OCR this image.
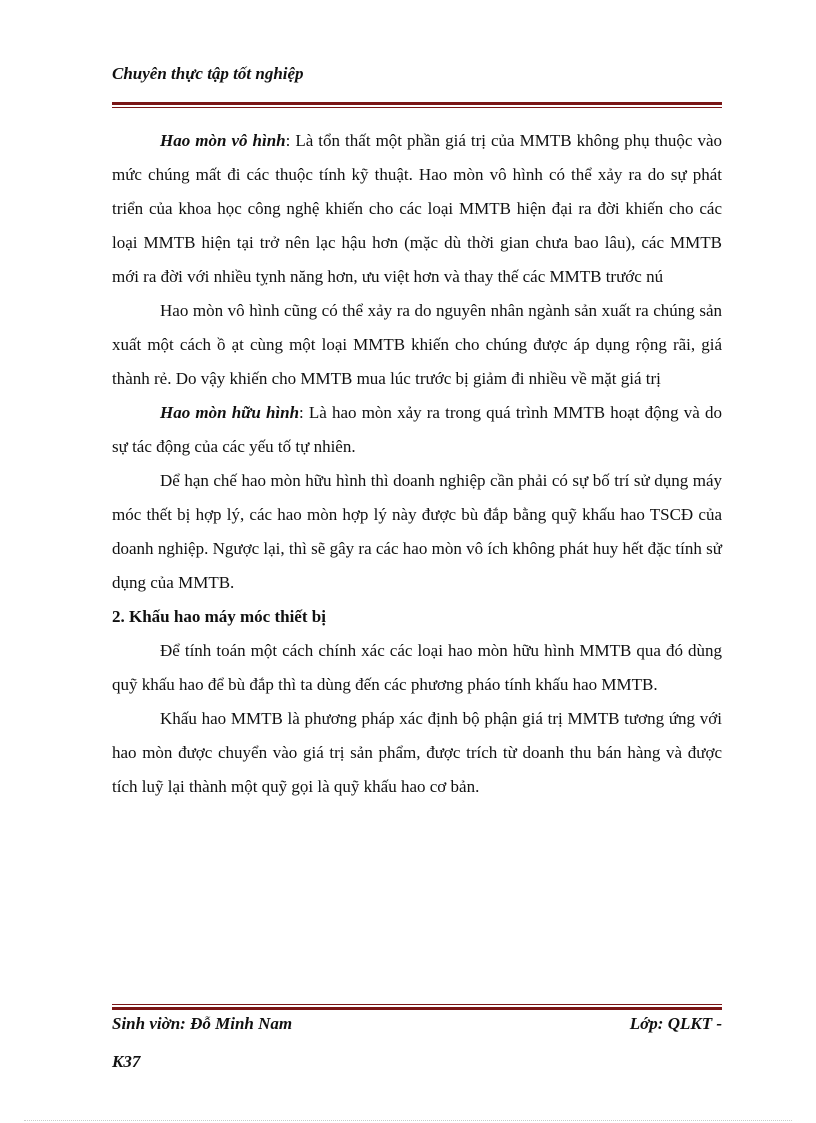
Chuyên thực tập tốt nghiệp

Hao mòn vô hình: Là tổn thất một phần giá trị của MMTB không phụ thuộc vào mức chúng mất đi các thuộc tính kỹ thuật. Hao mòn vô hình có thể xảy ra do sự phát triển của khoa học công nghệ khiến cho các loại MMTB hiện đại ra đời khiến cho các loại MMTB hiện tại trở nên lạc hậu hơn (mặc dù thời gian chưa bao lâu), các MMTB mới ra đời với nhiều tỵnh năng hơn, ưu việt hơn và thay thế các MMTB trước nú

Hao mòn vô hình cũng có thể xảy ra do nguyên nhân ngành sản xuất ra chúng sản xuất một cách ồ ạt cùng một loại MMTB khiến cho chúng được áp dụng rộng rãi, giá thành rẻ. Do vậy khiến cho MMTB mua lúc trước bị giảm đi nhiều về mặt giá trị

Hao mòn hữu hình: Là hao mòn xảy ra trong quá trình MMTB hoạt động và do sự tác động của các yếu tố tự nhiên.

Dể hạn chế hao mòn hữu hình thì doanh nghiệp cần phải có sự bố trí sử dụng máy móc thết bị hợp lý, các hao mòn hợp lý này được bù đắp bằng quỹ khấu hao TSCĐ của doanh nghiệp. Ngược lại, thì sẽ gây ra các hao mòn vô ích không phát huy hết đặc tính sử dụng của MMTB.

2. Khấu hao máy móc thiết bị

Để tính toán một cách chính xác các loại hao mòn hữu hình MMTB qua đó dùng quỹ khấu hao để bù đắp thì ta dùng đến các phương pháo tính khấu hao MMTB.

Khấu hao MMTB là phương pháp xác định bộ phận giá trị MMTB tương ứng với hao mòn được chuyển vào giá trị sản phẩm, được trích từ doanh thu bán hàng và được tích luỹ lại thành một quỹ gọi là quỹ khấu hao cơ bản.

Sinh viờn: Đỗ Minh Nam	Lớp: QLKT -
K37
